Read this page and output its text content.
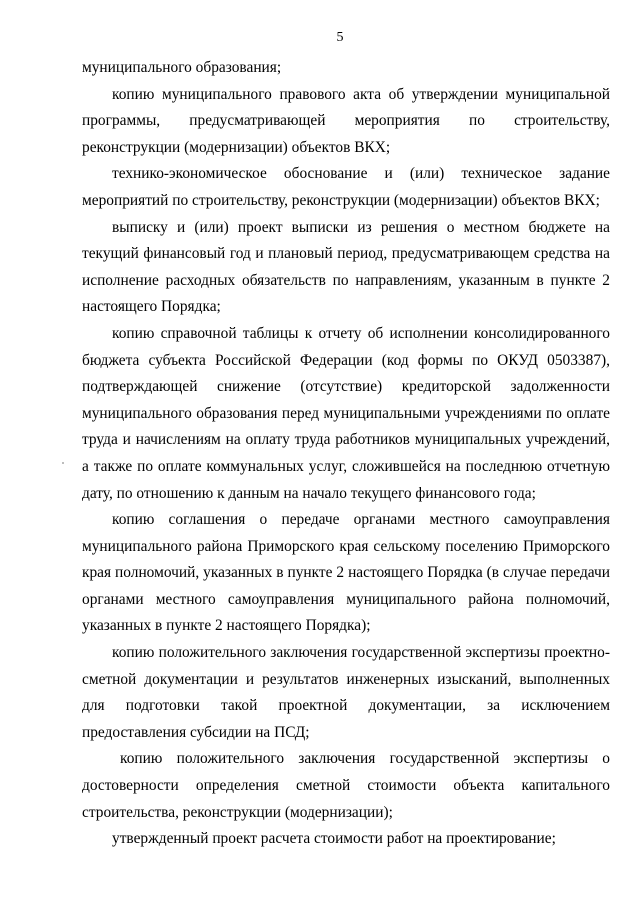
5

муниципального образования;

копию муниципального правового акта об утверждении муниципальной программы, предусматривающей мероприятия по строительству, реконструкции (модернизации) объектов ВКХ;

технико-экономическое обоснование и (или) техническое задание мероприятий по строительству, реконструкции (модернизации) объектов ВКХ;

выписку и (или) проект выписки из решения о местном бюджете на текущий финансовый год и плановый период, предусматривающем средства на исполнение расходных обязательств по направлениям, указанным в пункте 2 настоящего Порядка;

копию справочной таблицы к отчету об исполнении консолидированного бюджета субъекта Российской Федерации (код формы по ОКУД 0503387), подтверждающей снижение (отсутствие) кредиторской задолженности муниципального образования перед муниципальными учреждениями по оплате труда и начислениям на оплату труда работников муниципальных учреждений, а также по оплате коммунальных услуг, сложившейся на последнюю отчетную дату, по отношению к данным на начало текущего финансового года;

копию соглашения о передаче органами местного самоуправления муниципального района Приморского края сельскому поселению Приморского края полномочий, указанных в пункте 2 настоящего Порядка (в случае передачи органами местного самоуправления муниципального района полномочий, указанных в пункте 2 настоящего Порядка);

копию положительного заключения государственной экспертизы проектно-сметной документации и результатов инженерных изысканий, выполненных для подготовки такой проектной документации, за исключением предоставления субсидии на ПСД;

копию положительного заключения государственной экспертизы о достоверности определения сметной стоимости объекта капитального строительства, реконструкции (модернизации);

утвержденный проект расчета стоимости работ на проектирование;
